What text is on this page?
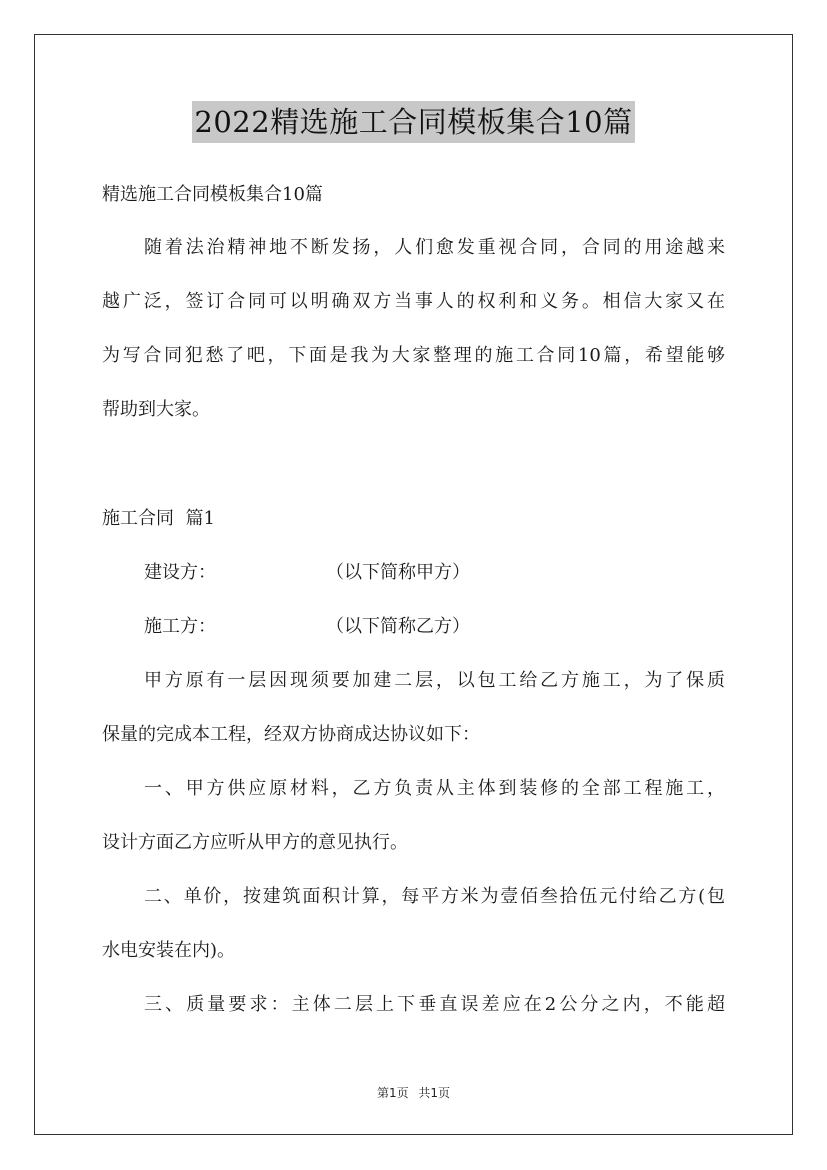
2022精选施工合同模板集合10篇
精选施工合同模板集合10篇
随着法治精神地不断发扬，人们愈发重视合同，合同的用途越来
越广泛，签订合同可以明确双方当事人的权利和义务。相信大家又在
为写合同犯愁了吧，下面是我为大家整理的施工合同10篇，希望能够
帮助到大家。
施工合同  篇1
建设方：	（以下简称甲方）
施工方：	（以下简称乙方）
甲方原有一层因现须要加建二层，以包工给乙方施工，为了保质
保量的完成本工程，经双方协商成达协议如下：
一、甲方供应原材料，乙方负责从主体到装修的全部工程施工，
设计方面乙方应听从甲方的意见执行。
二、单价，按建筑面积计算，每平方米为壹佰叁拾伍元付给乙方(包
水电安装在内)。
三、质量要求：主体二层上下垂直误差应在2公分之内，不能超
第1页 共1页
